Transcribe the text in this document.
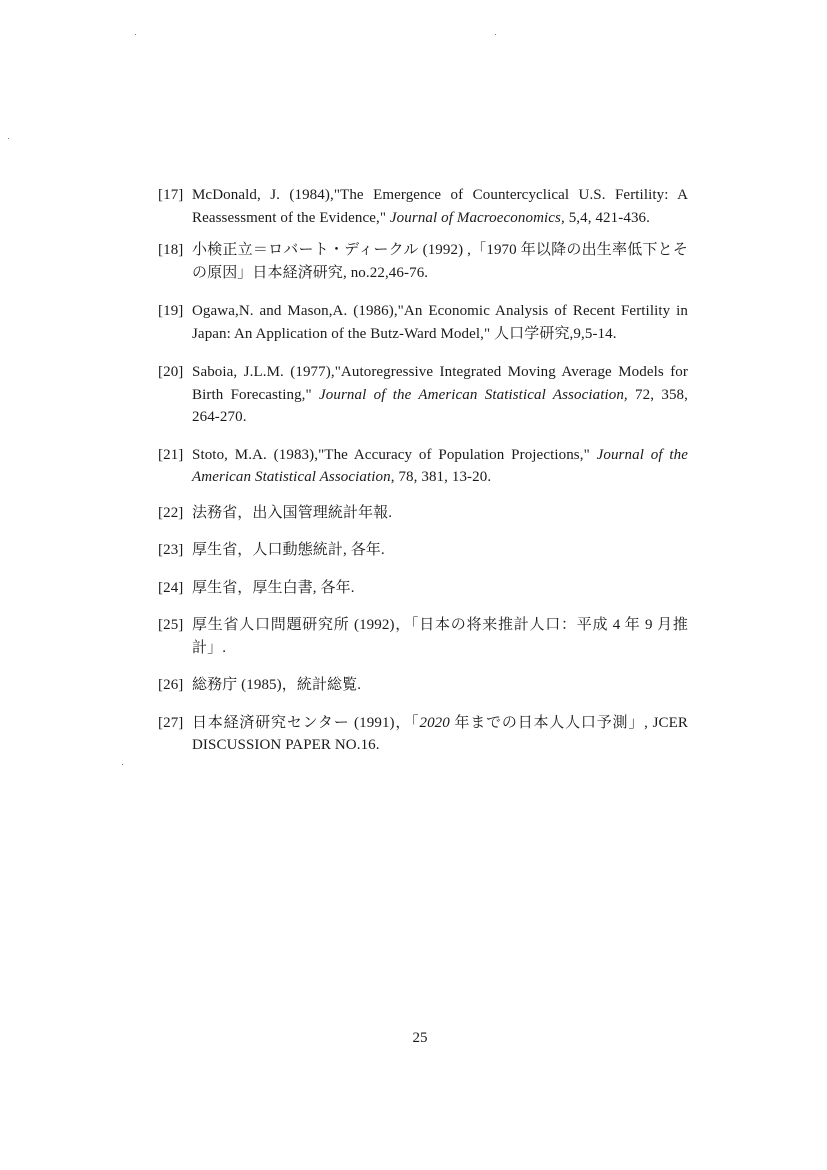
[17] McDonald, J. (1984),"The Emergence of Countercyclical U.S. Fertility: A Reassessment of the Evidence," Journal of Macroeconomics, 5,4, 421-436.
[18] 小検正立＝ロバート・ディークル (1992) ,「1970 年以降の出生率低下とその原因」日本経済研究, no.22,46-76.
[19] Ogawa,N. and Mason,A. (1986),"An Economic Analysis of Recent Fertility in Japan: An Application of the Butz-Ward Model," 人口学研究,9,5-14.
[20] Saboia, J.L.M. (1977),"Autoregressive Integrated Moving Average Models for Birth Forecasting," Journal of the American Statistical Association, 72, 358, 264-270.
[21] Stoto, M.A. (1983),"The Accuracy of Population Projections," Journal of the American Statistical Association, 78, 381, 13-20.
[22] 法務省，出入国管理統計年報.
[23] 厚生省，人口動態統計, 各年.
[24] 厚生省，厚生白書, 各年.
[25] 厚生省人口問題研究所 (1992)，「日本の将来推計人口：平成 4 年 9 月推計」.
[26] 総務庁 (1985)，統計総覧.
[27] 日本経済研究センター (1991)，「2020 年までの日本人人口予測」, JCER DISCUSSION PAPER NO.16.
25
